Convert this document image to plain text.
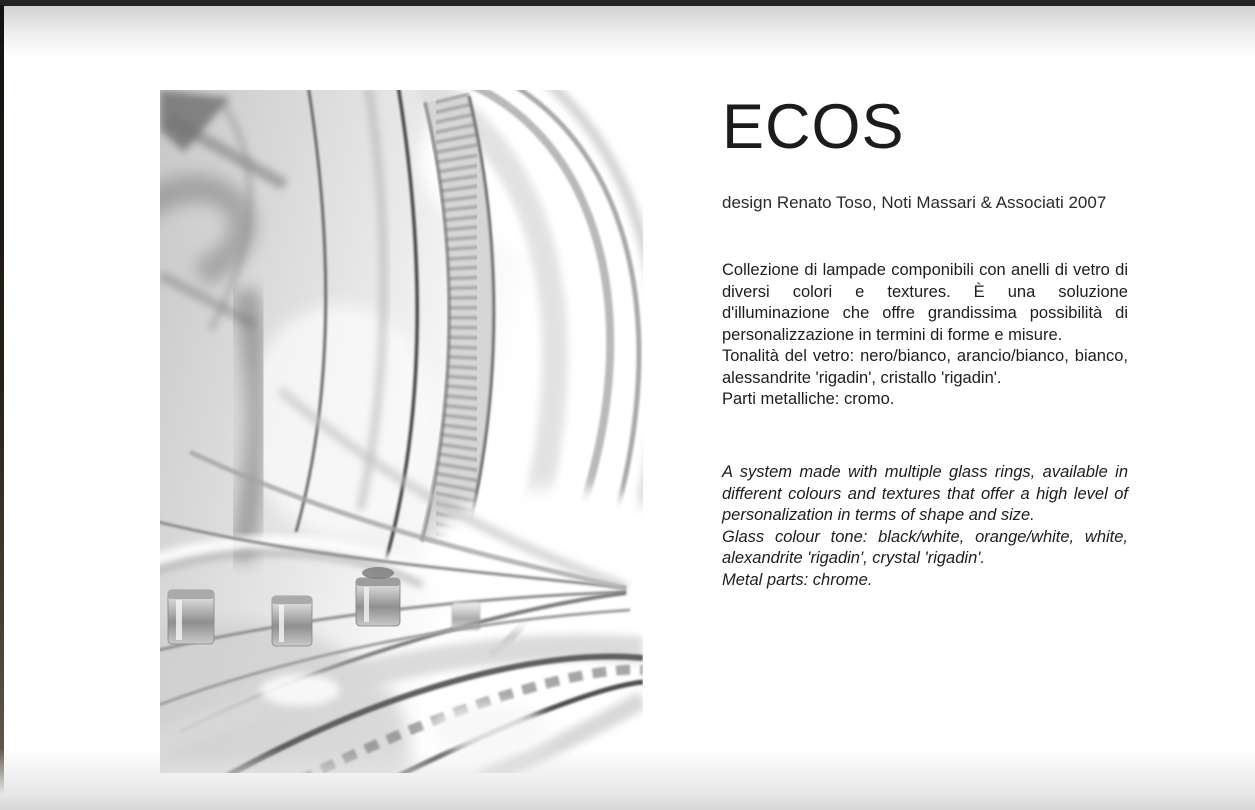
ECOS

design Renato Toso, Noti Massari & Associati 2007

Collezione di lampade componibili con anelli di vetro di diversi colori e textures. È una soluzione d'illuminazione che offre grandissima possibilità di personalizzazione in termini di forme e misure.

Tonalità del vetro: nero/bianco, arancio/bianco, bianco, alessandrite 'rigadin', cristallo 'rigadin'.

Parti metalliche: cromo.

A system made with multiple glass rings, available in different colours and textures that offer a high level of personalization in terms of shape and size.

Glass colour tone: black/white, orange/white, white, alexandrite 'rigadin', crystal 'rigadin'.

Metal parts: chrome.
